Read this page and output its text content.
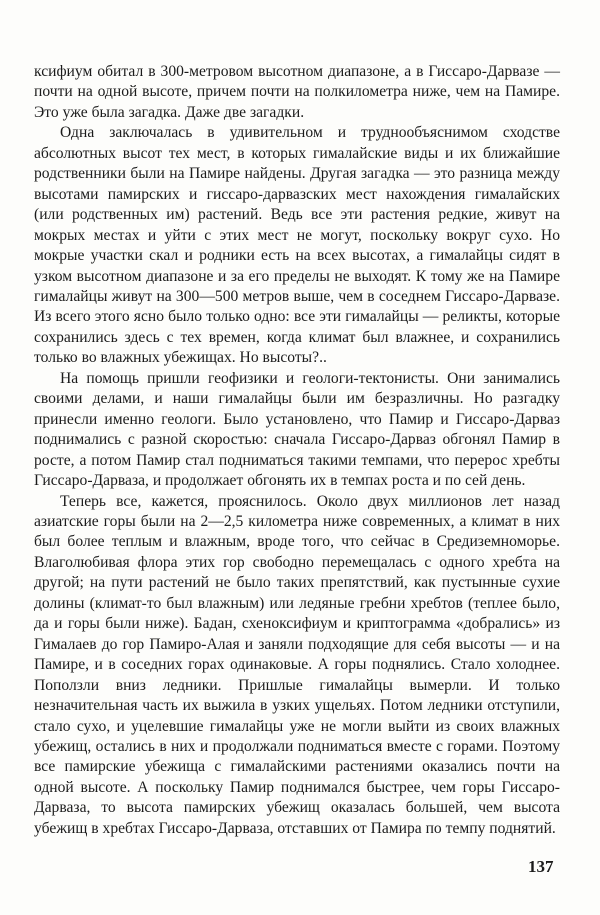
ксифиум обитал в 300-метровом высотном диапазоне, а в Гиссаро-Дарвазе — почти на одной высоте, причем почти на полкилометра ниже, чем на Памире. Это уже была загадка. Даже две загадки.

Одна заключалась в удивительном и труднообъяснимом сходстве абсолютных высот тех мест, в которых гималайские виды и их ближайшие родственники были на Памире найдены. Другая загадка — это разница между высотами памирских и гиссаро-дарвазских мест нахождения гималайских (или родственных им) растений. Ведь все эти растения редкие, живут на мокрых местах и уйти с этих мест не могут, поскольку вокруг сухо. Но мокрые участки скал и родники есть на всех высотах, а гималайцы сидят в узком высотном диапазоне и за его пределы не выходят. К тому же на Памире гималайцы живут на 300—500 метров выше, чем в соседнем Гиссаро-Дарвазе. Из всего этого ясно было только одно: все эти гималайцы — реликты, которые сохранились здесь с тех времен, когда климат был влажнее, и сохранились только во влажных убежищах. Но высоты?..

На помощь пришли геофизики и геологи-тектонисты. Они занимались своими делами, и наши гималайцы были им безразличны. Но разгадку принесли именно геологи. Было установлено, что Памир и Гиссаро-Дарваз поднимались с разной скоростью: сначала Гиссаро-Дарваз обгонял Памир в росте, а потом Памир стал подниматься такими темпами, что перерос хребты Гиссаро-Дарваза, и продолжает обгонять их в темпах роста и по сей день.

Теперь все, кажется, прояснилось. Около двух миллионов лет назад азиатские горы были на 2—2,5 километра ниже современных, а климат в них был более теплым и влажным, вроде того, что сейчас в Средиземноморье. Влаголюбивая флора этих гор свободно перемещалась с одного хребта на другой; на пути растений не было таких препятствий, как пустынные сухие долины (климат-то был влажным) или ледяные гребни хребтов (теплее было, да и горы были ниже). Бадан, схеноксифиум и криптограмма «добрались» из Гималаев до гор Памиро-Алая и заняли подходящие для себя высоты — и на Памире, и в соседних горах одинаковые. А горы поднялись. Стало холоднее. Поползли вниз ледники. Пришлые гималайцы вымерли. И только незначительная часть их выжила в узких ущельях. Потом ледники отступили, стало сухо, и уцелевшие гималайцы уже не могли выйти из своих влажных убежищ, остались в них и продолжали подниматься вместе с горами. Поэтому все памирские убежища с гималайскими растениями оказались почти на одной высоте. А поскольку Памир поднимался быстрее, чем горы Гиссаро-Дарваза, то высота памирских убежищ оказалась большей, чем высота убежищ в хребтах Гиссаро-Дарваза, отставших от Памира по темпу поднятий.

137
